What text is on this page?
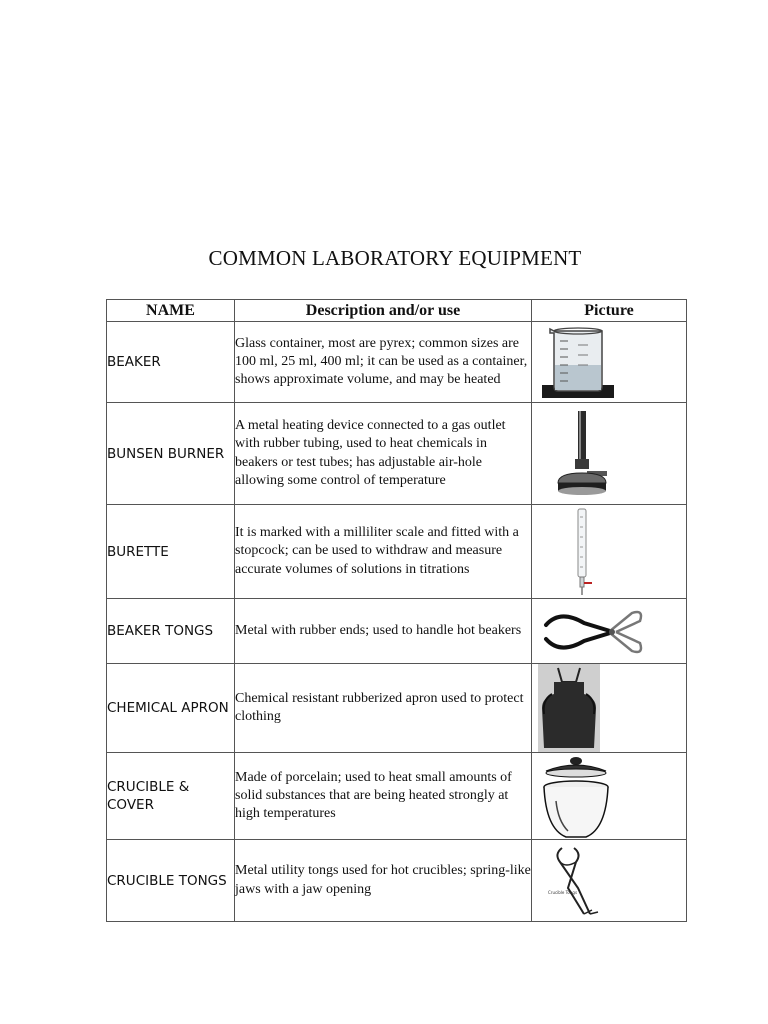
COMMON LABORATORY EQUIPMENT
NAME	Description and/or use	Picture

BEAKER	Glass container, most are pyrex; common sizes are 100 ml, 25 ml, 400 ml; it can be used as a container, shows approximate volume, and may be heated

BUNSEN BURNER	A metal heating device connected to a gas outlet with rubber tubing, used to heat chemicals in beakers or test tubes; has adjustable air-hole allowing some control of temperature

BURETTE	It is marked with a milliliter scale and fitted with a stopcock; can be used to withdraw and measure accurate volumes of solutions in titrations

BEAKER TONGS	Metal with rubber ends; used to handle hot beakers

CHEMICAL APRON	Chemical resistant rubberized apron used to protect clothing

CRUCIBLE & COVER	Made of porcelain; used to heat small amounts of solid substances that are being heated strongly at high temperatures

CRUCIBLE TONGS	Metal utility tongs used for hot crucibles; spring-like jaws with a jaw opening	Crucible Tongs
